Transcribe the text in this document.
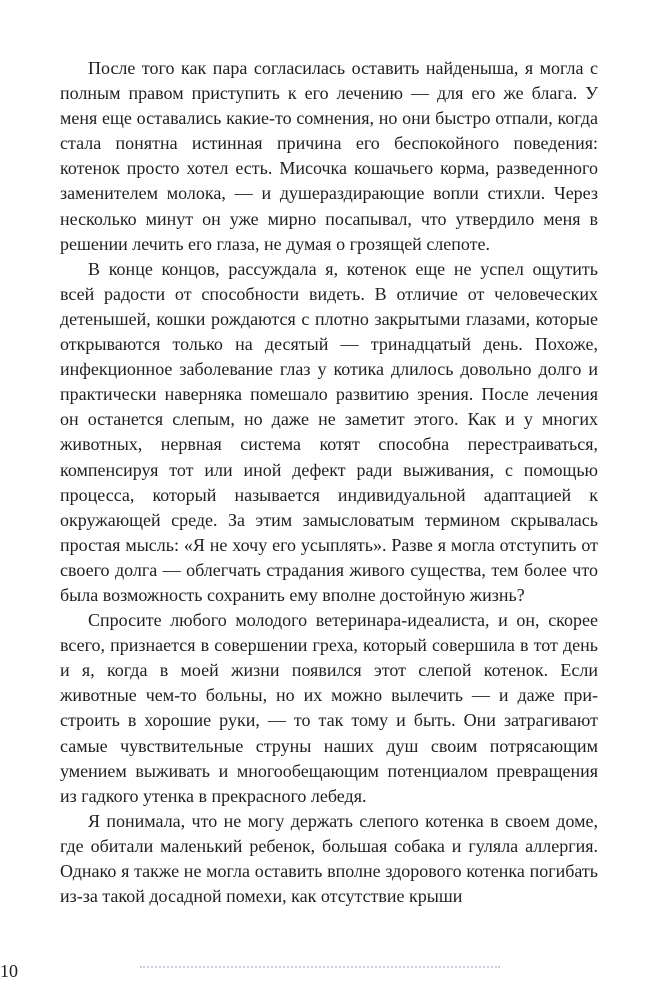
После того как пара согласилась оставить найденыша, я могла с полным правом приступить к его лечению — для его же блага. У меня еще оставались какие-то сомнения, но они быстро отпали, когда стала понятна истинная причина его беспокойного поведения: котенок просто хотел есть. Мисочка кошачьего корма, разведенного заменителем молока, — и душераздирающие вопли стихли. Через несколько минут он уже мирно посапывал, что утвердило меня в решении лечить его глаза, не думая о грозящей слепоте.

В конце концов, рассуждала я, котенок еще не успел ощутить всей радости от способности видеть. В отличие от человеческих детенышей, кошки рождаются с плотно закрытыми глазами, которые открываются только на десятый — тринадцатый день. Похоже, инфекционное заболевание глаз у котика длилось довольно долго и практически наверняка помешало развитию зрения. После лечения он останется слепым, но даже не заметит этого. Как и у многих животных, нервная система котят способна перестраиваться, компенсируя тот или иной дефект ради выживания, с помощью процесса, который называется индивидуальной адаптацией к окружающей среде. За этим замысловатым термином скрывалась простая мысль: «Я не хочу его усыплять». Разве я могла отступить от своего долга — облегчать страдания живого существа, тем более что была возможность сохранить ему вполне достойную жизнь?

Спросите любого молодого ветеринара-идеалиста, и он, скорее всего, признается в совершении греха, который совершила в тот день и я, когда в моей жизни появился этот слепой котенок. Если животные чем-то больны, но их можно вылечить — и даже пристроить в хорошие руки, — то так тому и быть. Они затрагивают самые чувствительные струны наших душ своим потрясающим умением выживать и многообещающим потенциалом превращения из гадкого утенка в прекрасного лебедя.

Я понимала, что не могу держать слепого котенка в своем доме, где обитали маленький ребенок, большая собака и гуляла аллергия. Однако я также не могла оставить вполне здорового котенка погибать из-за такой досадной помехи, как отсутствие крыши

10
